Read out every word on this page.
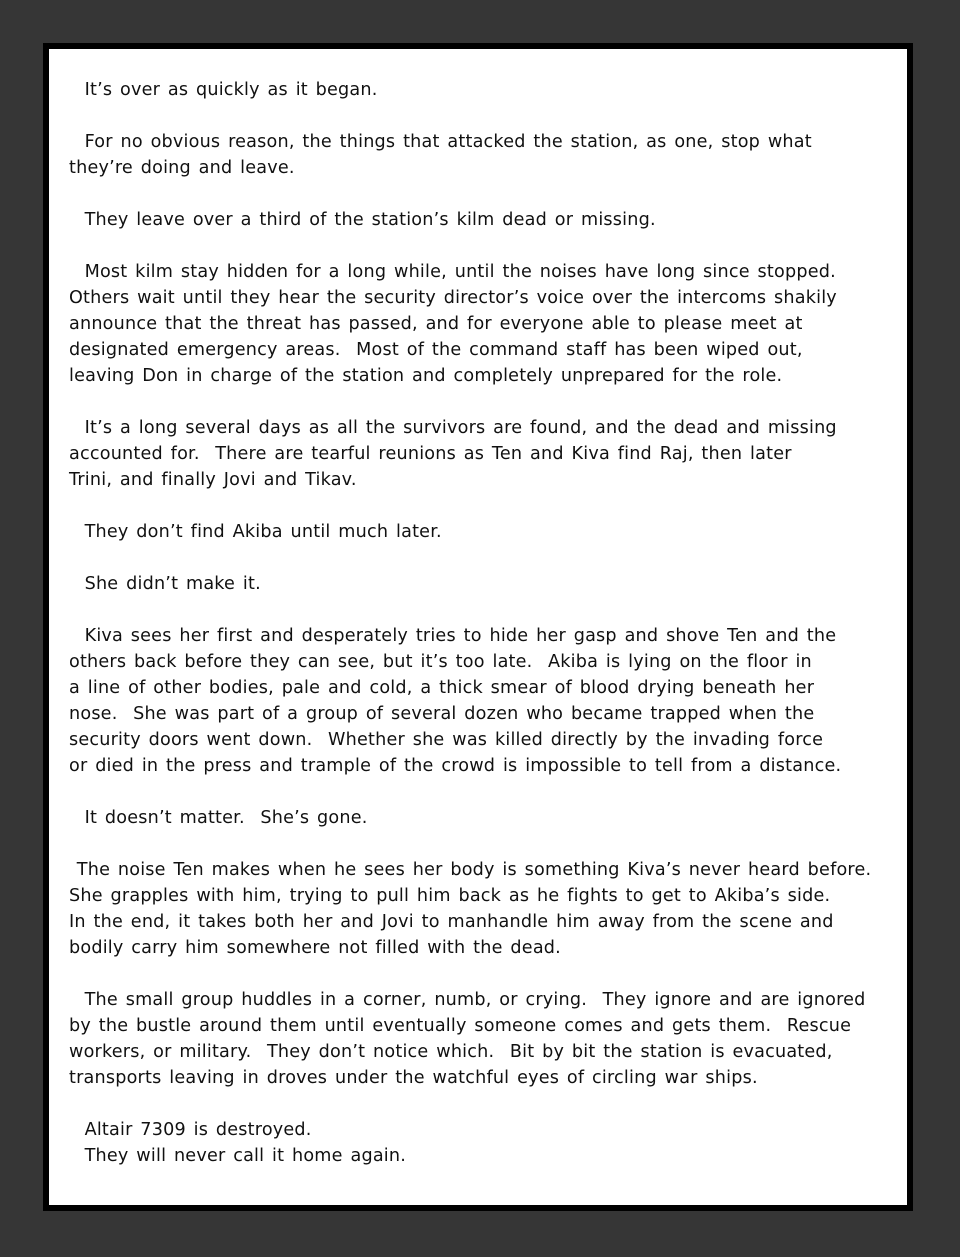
It’s over as quickly as it began.
For no obvious reason, the things that attacked the station, as one, stop what
they’re doing and leave.
They leave over a third of the station’s kilm dead or missing.
Most kilm stay hidden for a long while, until the noises have long since stopped.
Others wait until they hear the security director’s voice over the intercoms shakily
announce that the threat has passed, and for everyone able to please meet at
designated emergency areas.  Most of the command staff has been wiped out,
leaving Don in charge of the station and completely unprepared for the role.
It’s a long several days as all the survivors are found, and the dead and missing
accounted for.  There are tearful reunions as Ten and Kiva find Raj, then later
Trini, and finally Jovi and Tikav.
They don’t find Akiba until much later.
She didn’t make it.
Kiva sees her first and desperately tries to hide her gasp and shove Ten and the
others back before they can see, but it’s too late.  Akiba is lying on the floor in
a line of other bodies, pale and cold, a thick smear of blood drying beneath her
nose.  She was part of a group of several dozen who became trapped when the
security doors went down.  Whether she was killed directly by the invading force
or died in the press and trample of the crowd is impossible to tell from a distance.
It doesn’t matter.  She’s gone.
The noise Ten makes when he sees her body is something Kiva’s never heard before.
She grapples with him, trying to pull him back as he fights to get to Akiba’s side.
In the end, it takes both her and Jovi to manhandle him away from the scene and
bodily carry him somewhere not filled with the dead.
The small group huddles in a corner, numb, or crying.  They ignore and are ignored
by the bustle around them until eventually someone comes and gets them.  Rescue
workers, or military.  They don’t notice which.  Bit by bit the station is evacuated,
transports leaving in droves under the watchful eyes of circling war ships.
Altair 7309 is destroyed.
They will never call it home again.
